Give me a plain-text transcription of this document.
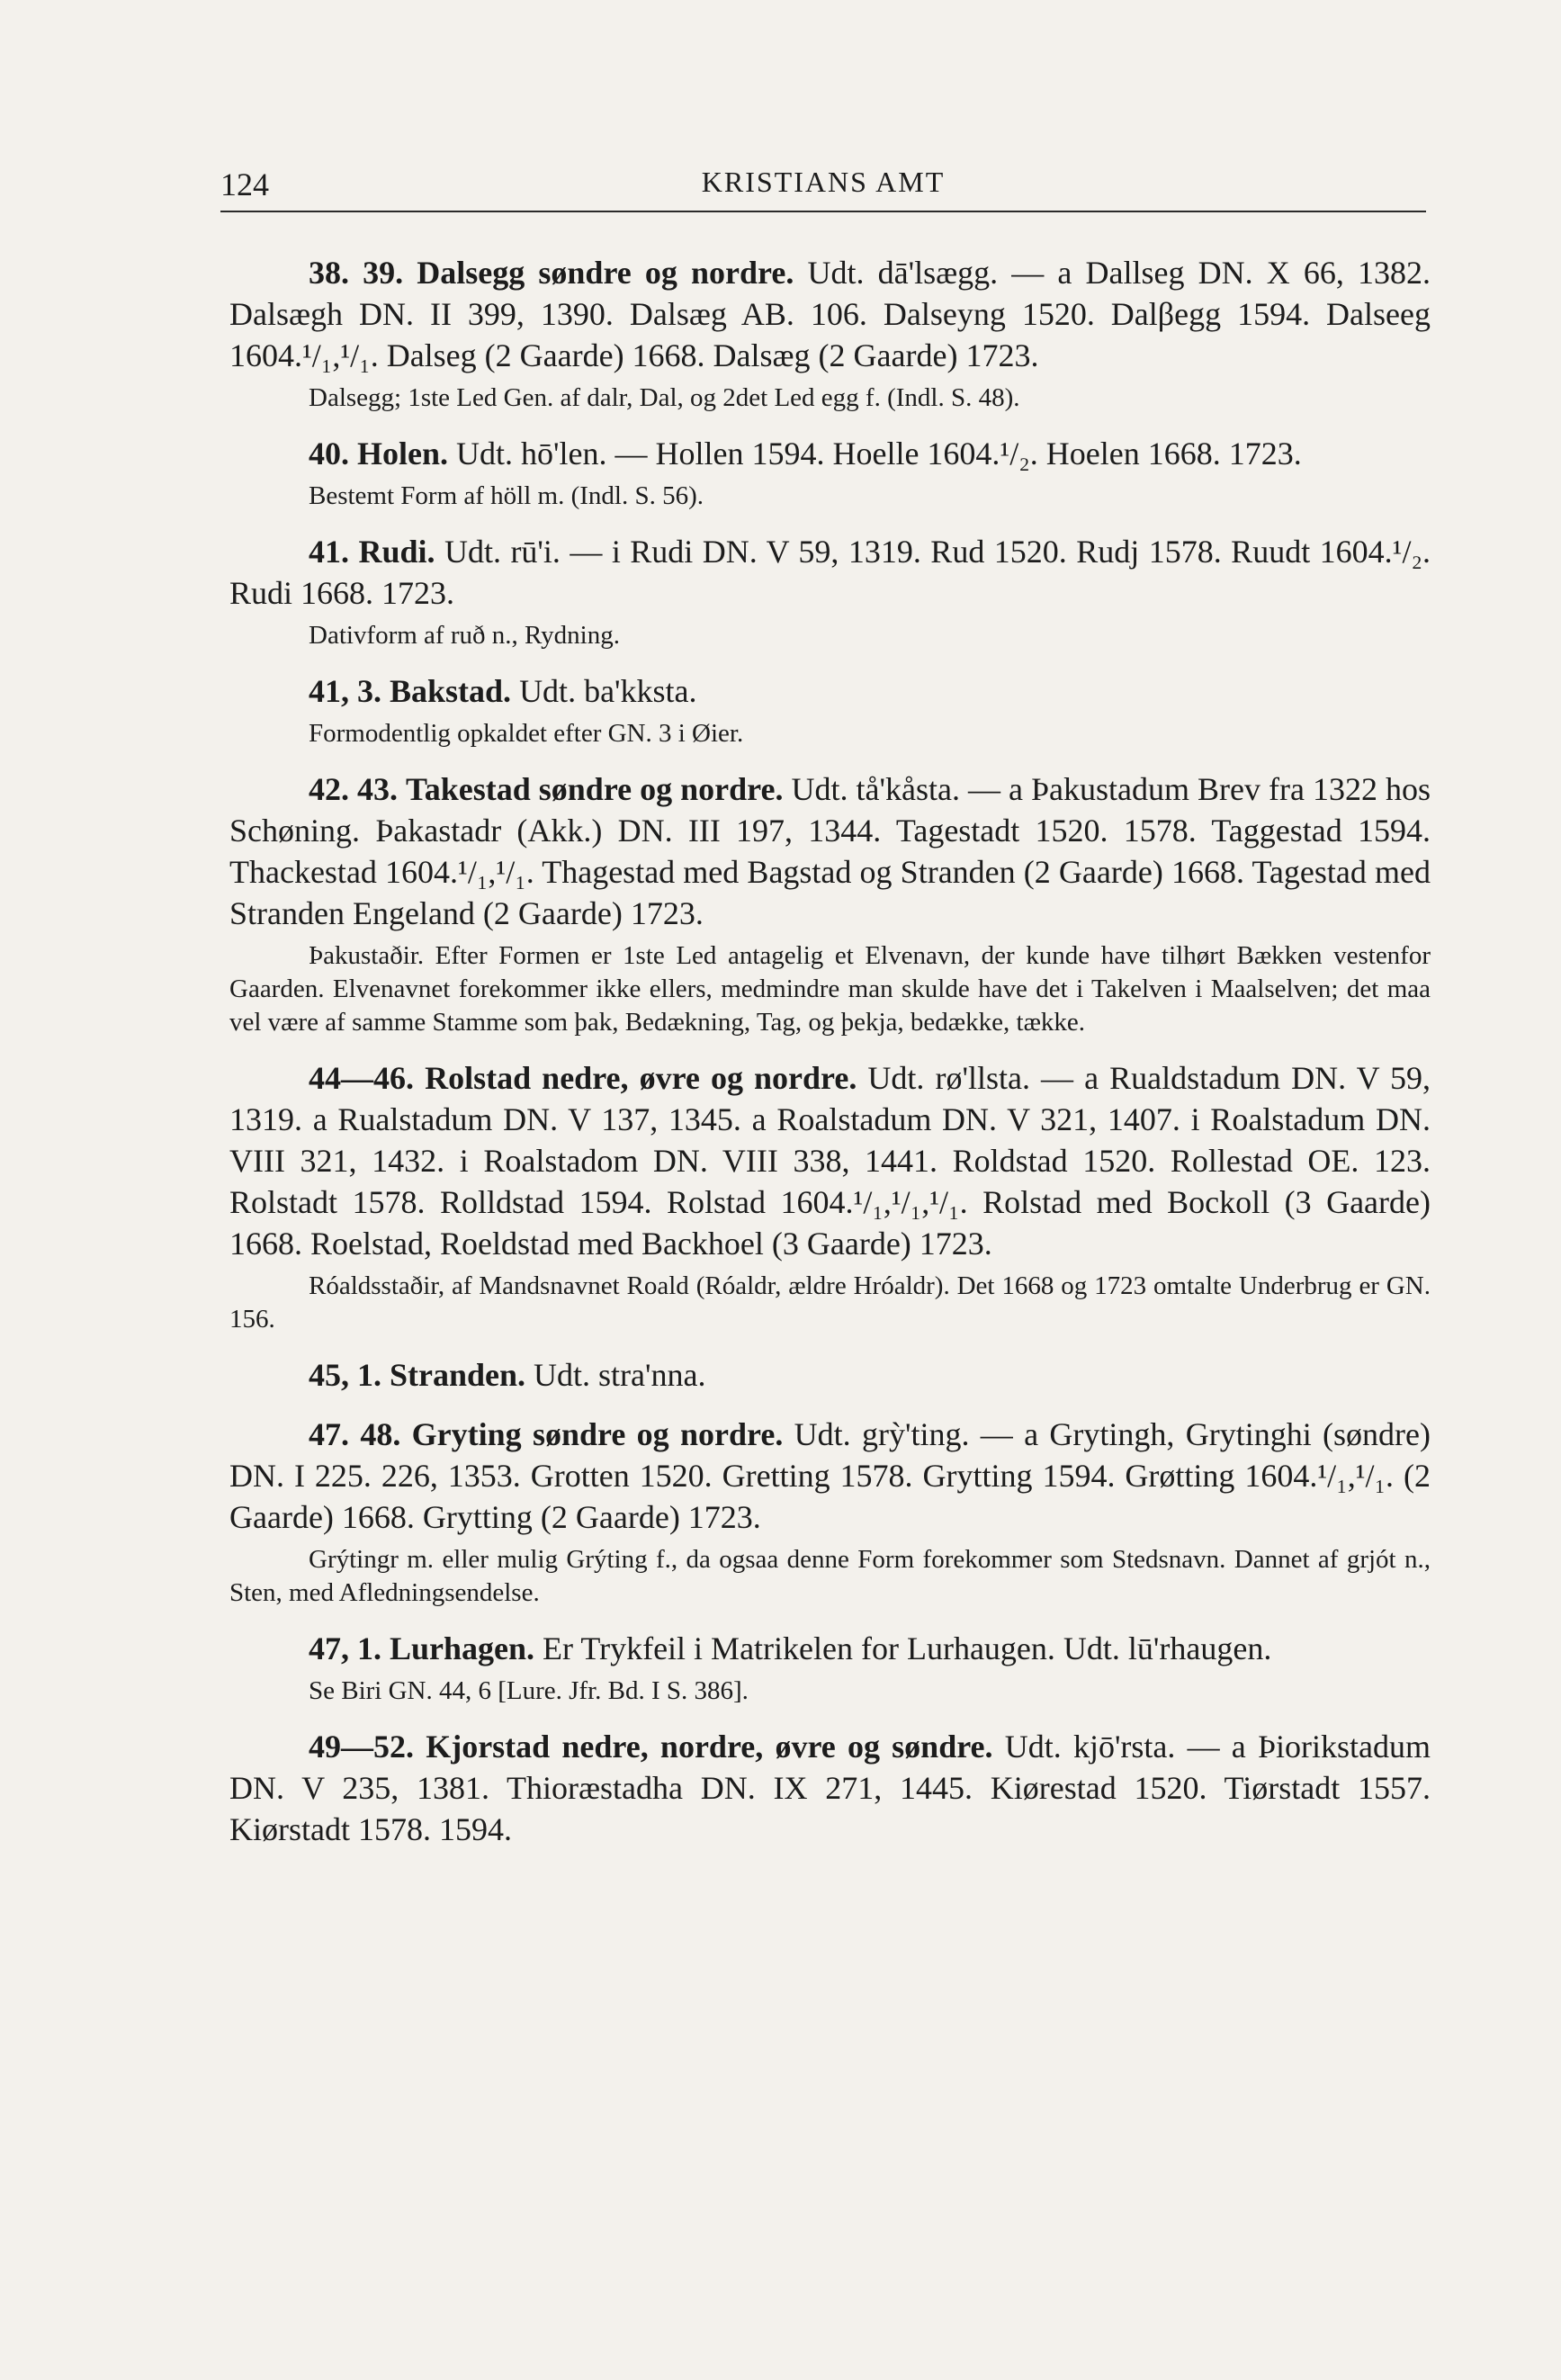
124	KRISTIANS AMT

38. 39. Dalsegg søndre og nordre. Udt. dā'lsægg. — a Dallseg DN. X 66, 1382. Dalsægh DN. II 399, 1390. Dalsæg AB. 106. Dalseyng 1520. Dalβegg 1594. Dalseeg 1604.¹/₁,¹/₁. Dalseg (2 Gaarde) 1668. Dalsæg (2 Gaarde) 1723.

Dalsegg; 1ste Led Gen. af dalr, Dal, og 2det Led egg f. (Indl. S. 48).

40. Holen. Udt. hō'len. — Hollen 1594. Hoelle 1604.¹/₂. Hoelen 1668. 1723.

Bestemt Form af höll m. (Indl. S. 56).

41. Rudi. Udt. rū'i. — i Rudi DN. V 59, 1319. Rud 1520. Rudj 1578. Ruudt 1604.¹/₂. Rudi 1668. 1723.

Dativform af ruð n., Rydning.

41, 3. Bakstad. Udt. ba'kksta.

Formodentlig opkaldet efter GN. 3 i Øier.

42. 43. Takestad søndre og nordre. Udt. tå'kåsta. — a Þakustadum Brev fra 1322 hos Schøning. Þakastadr (Akk.) DN. III 197, 1344. Tagestadt 1520. 1578. Taggestad 1594. Thackestad 1604.¹/₁,¹/₁. Thagestad med Bagstad og Stranden (2 Gaarde) 1668. Tagestad med Stranden Engeland (2 Gaarde) 1723.

Þakustaðir. Efter Formen er 1ste Led antagelig et Elvenavn, der kunde have tilhørt Bækken vestenfor Gaarden. Elvenavnet forekommer ikke ellers, medmindre man skulde have det i Takelven i Maalselven; det maa vel være af samme Stamme som þak, Bedækning, Tag, og þekja, bedække, tække.

44—46. Rolstad nedre, øvre og nordre. Udt. rø'llsta. — a Rualdstadum DN. V 59, 1319. a Rualstadum DN. V 137, 1345. a Roalstadum DN. V 321, 1407. i Roalstadum DN. VIII 321, 1432. i Roalstadom DN. VIII 338, 1441. Roldstad 1520. Rollestad OE. 123. Rolstadt 1578. Rolldstad 1594. Rolstad 1604.¹/₁,¹/₁,¹/₁. Rolstad med Bockoll (3 Gaarde) 1668. Roelstad, Roeldstad med Backhoel (3 Gaarde) 1723.

Róaldsstaðir, af Mandsnavnet Roald (Róaldr, ældre Hróaldr). Det 1668 og 1723 omtalte Underbrug er GN. 156.

45, 1. Stranden. Udt. stra'nna.

47. 48. Gryting søndre og nordre. Udt. grỳ'ting. — a Grytingh, Grytinghi (søndre) DN. I 225. 226, 1353. Grotten 1520. Gretting 1578. Grytting 1594. Grøtting 1604.¹/₁,¹/₁. (2 Gaarde) 1668. Grytting (2 Gaarde) 1723.

Grýtingr m. eller mulig Grýting f., da ogsaa denne Form forekommer som Stedsnavn. Dannet af grjót n., Sten, med Afledningsendelse.

47, 1. Lurhagen. Er Trykfeil i Matrikelen for Lurhaugen. Udt. lū'rhaugen.

Se Biri GN. 44, 6 [Lure. Jfr. Bd. I S. 386].

49—52. Kjorstad nedre, nordre, øvre og søndre. Udt. kjō'rsta. — a Þiorikstadum DN. V 235, 1381. Thioræstadha DN. IX 271, 1445. Kiørestad 1520. Tiørstadt 1557. Kiørstadt 1578. 1594.
